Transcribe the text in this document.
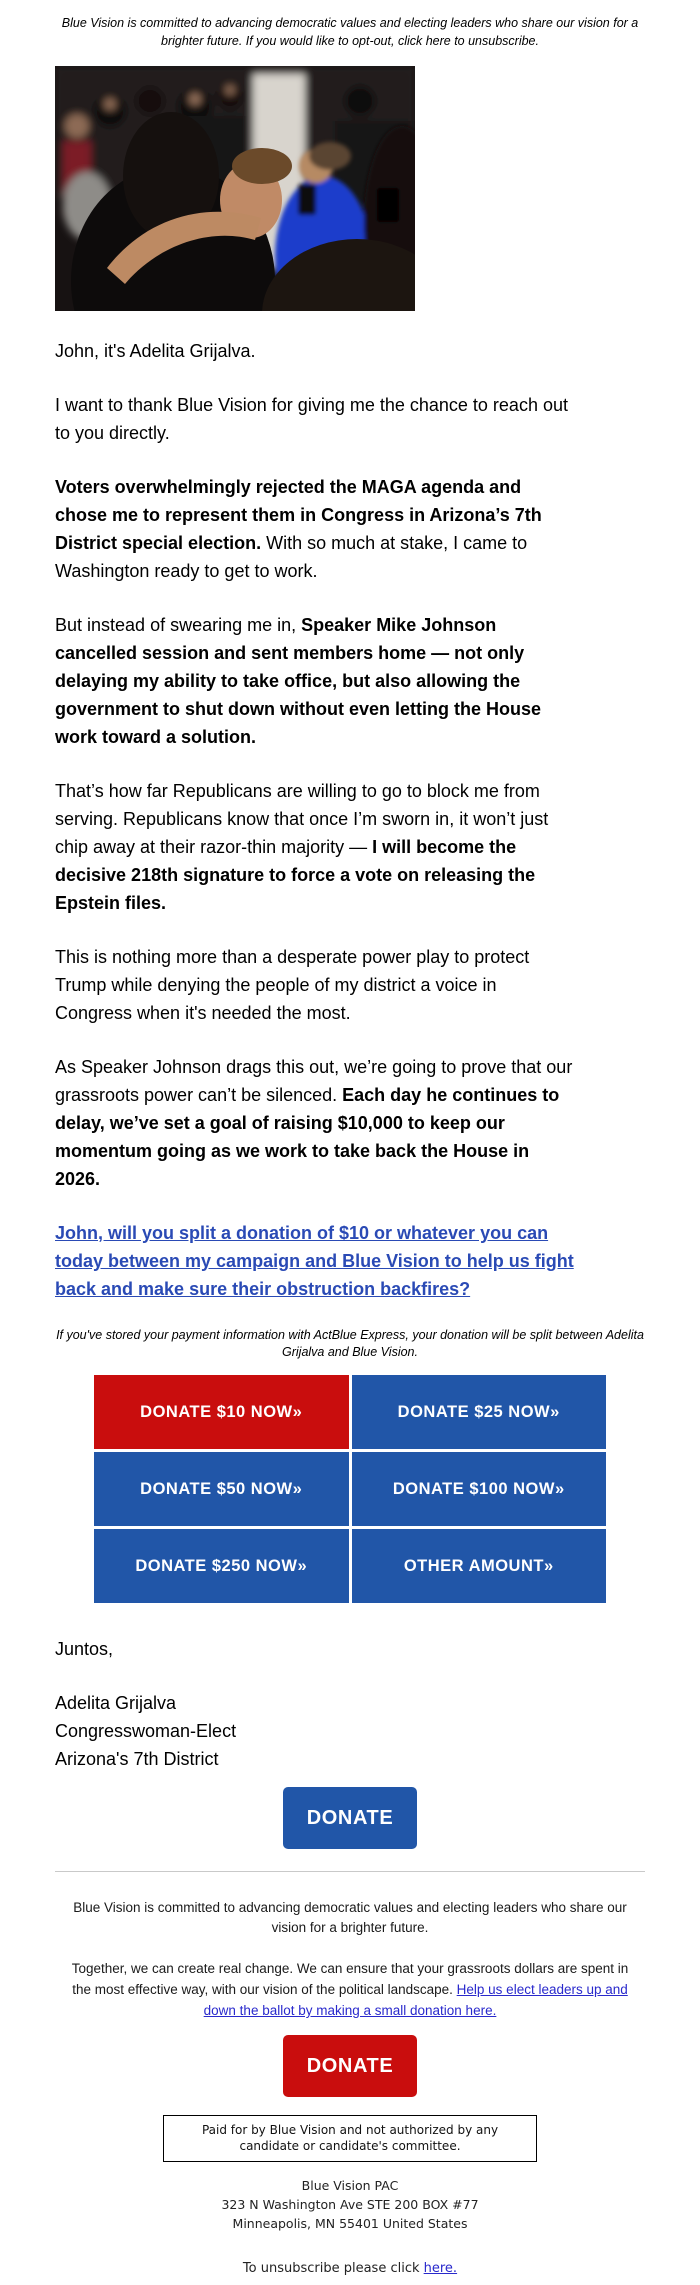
Blue Vision is committed to advancing democratic values and electing leaders who share our vision for a
brighter future. If you would like to opt-out, click here to unsubscribe.
John, it's Adelita Grijalva.
I want to thank Blue Vision for giving me the chance to reach out
to you directly.
Voters overwhelmingly rejected the MAGA agenda and
chose me to represent them in Congress in Arizona’s 7th
District special election. With so much at stake, I came to
Washington ready to get to work.
But instead of swearing me in, Speaker Mike Johnson
cancelled session and sent members home — not only
delaying my ability to take office, but also allowing the
government to shut down without even letting the House
work toward a solution.
That’s how far Republicans are willing to go to block me from
serving. Republicans know that once I’m sworn in, it won’t just
chip away at their razor-thin majority — I will become the
decisive 218th signature to force a vote on releasing the
Epstein files.
This is nothing more than a desperate power play to protect
Trump while denying the people of my district a voice in
Congress when it's needed the most.
As Speaker Johnson drags this out, we’re going to prove that our
grassroots power can’t be silenced. Each day he continues to
delay, we’ve set a goal of raising $10,000 to keep our
momentum going as we work to take back the House in
2026.
John, will you split a donation of $10 or whatever you can
today between my campaign and Blue Vision to help us fight
back and make sure their obstruction backfires?
If you've stored your payment information with ActBlue Express, your donation will be split between Adelita
Grijalva and Blue Vision.
DONATE $10 NOW»	DONATE $25 NOW»
DONATE $50 NOW»	DONATE $100 NOW»
DONATE $250 NOW»	OTHER AMOUNT»
Juntos,
Adelita Grijalva
Congresswoman-Elect
Arizona's 7th District
DONATE
Blue Vision is committed to advancing democratic values and electing leaders who share our
vision for a brighter future.
Together, we can create real change. We can ensure that your grassroots dollars are spent in
the most effective way, with our vision of the political landscape. Help us elect leaders up and
down the ballot by making a small donation here.
DONATE
Paid for by Blue Vision and not authorized by any
candidate or candidate's committee.
Blue Vision PAC
323 N Washington Ave STE 200 BOX #77
Minneapolis, MN 55401 United States
To unsubscribe please click here.
